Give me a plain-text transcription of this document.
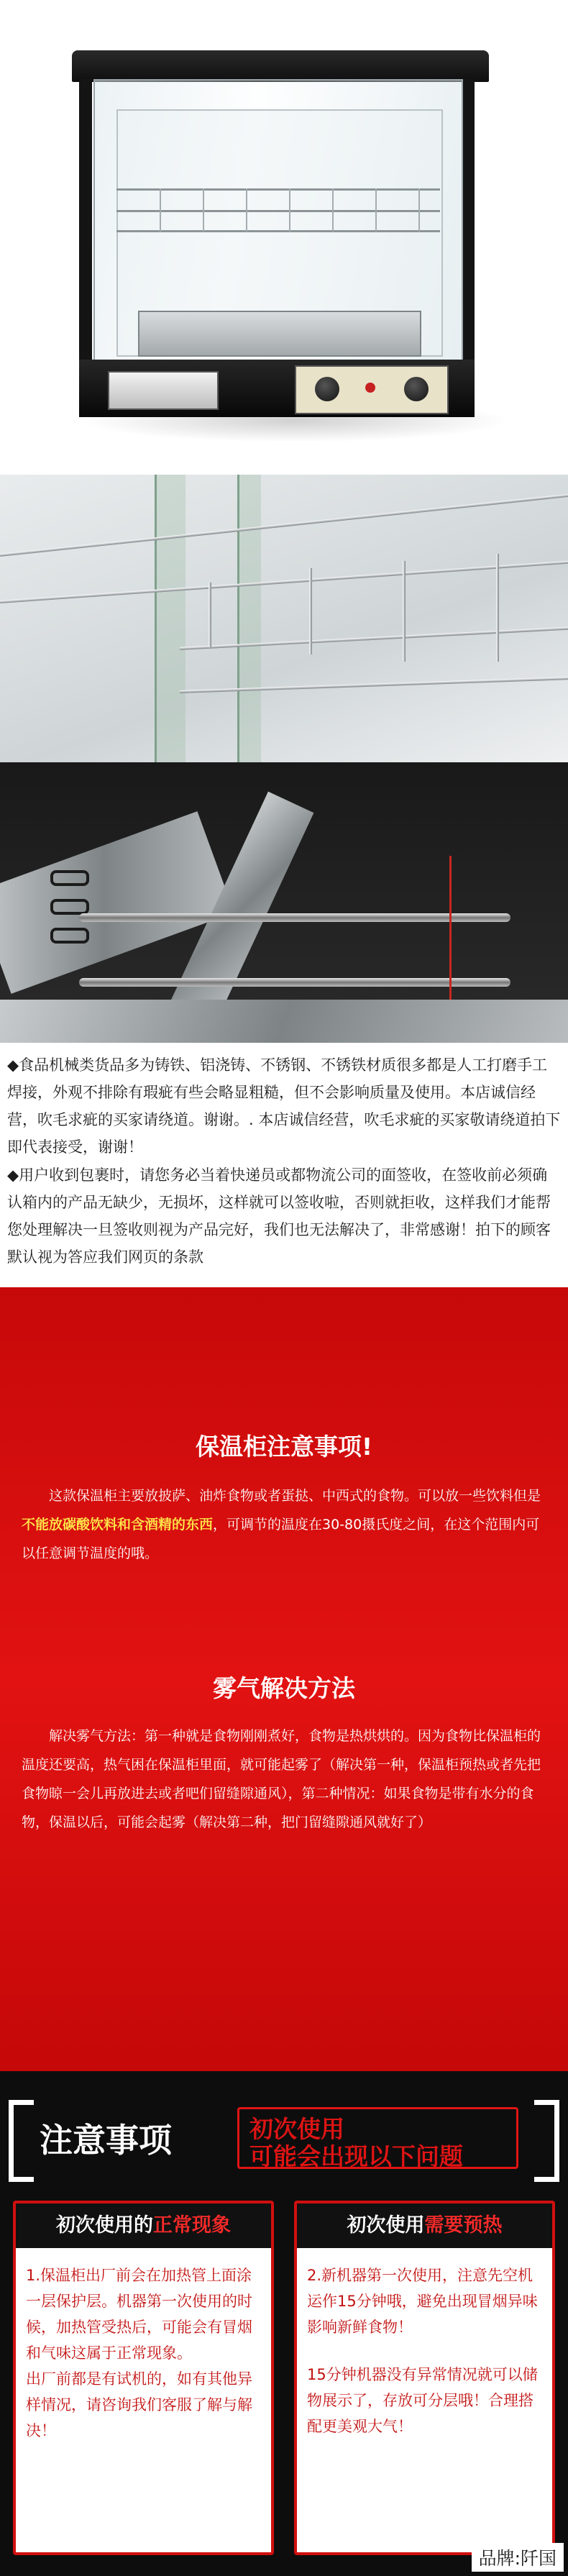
◆食品机械类货品多为铸铁、铝浇铸、不锈钢、不锈铁材质很多都是人工打磨手工焊接，外观不排除有瑕疵有些会略显粗糙，但不会影响质量及使用。本店诚信经营，吹毛求疵的买家请绕道。谢谢。. 本店诚信经营，吹毛求疵的买家敬请绕道拍下即代表接受，谢谢！

◆用户收到包裹时，请您务必当着快递员或都物流公司的面签收，在签收前必须确认箱内的产品无缺少，无损坏，这样就可以签收啦，否则就拒收，这样我们才能帮您处理解决一旦签收则视为产品完好，我们也无法解决了，非常感谢！拍下的顾客默认视为答应我们网页的条款

保温柜注意事项!

这款保温柜主要放披萨、油炸食物或者蛋挞、中西式的食物。可以放一些饮料但是不能放碳酸饮料和含酒精的东西，可调节的温度在30-80摄氏度之间，在这个范围内可以任意调节温度的哦。

雾气解决方法

解决雾气方法：第一种就是食物刚刚煮好，食物是热烘烘的。因为食物比保温柜的温度还要高，热气困在保温柜里面，就可能起雾了（解决第一种，保温柜预热或者先把食物晾一会儿再放进去或者吧们留缝隙通风），第二种情况：如果食物是带有水分的食物，保温以后，可能会起雾（解决第二种，把门留缝隙通风就好了）

注意事项	初次使用
可能会出现以下问题
初次使用的正常现象

1.保温柜出厂前会在加热管上面涂一层保护层。机器第一次使用的时候，加热管受热后，可能会有冒烟和气味这属于正常现象。

出厂前都是有试机的，如有其他异样情况，请咨询我们客服了解与解决！

初次使用需要预热

2.新机器第一次使用，注意先空机运作15分钟哦，避免出现冒烟异味影响新鲜食物！

15分钟机器没有异常情况就可以储物展示了，存放可分层哦！合理搭配更美观大气！

品牌:阡国
